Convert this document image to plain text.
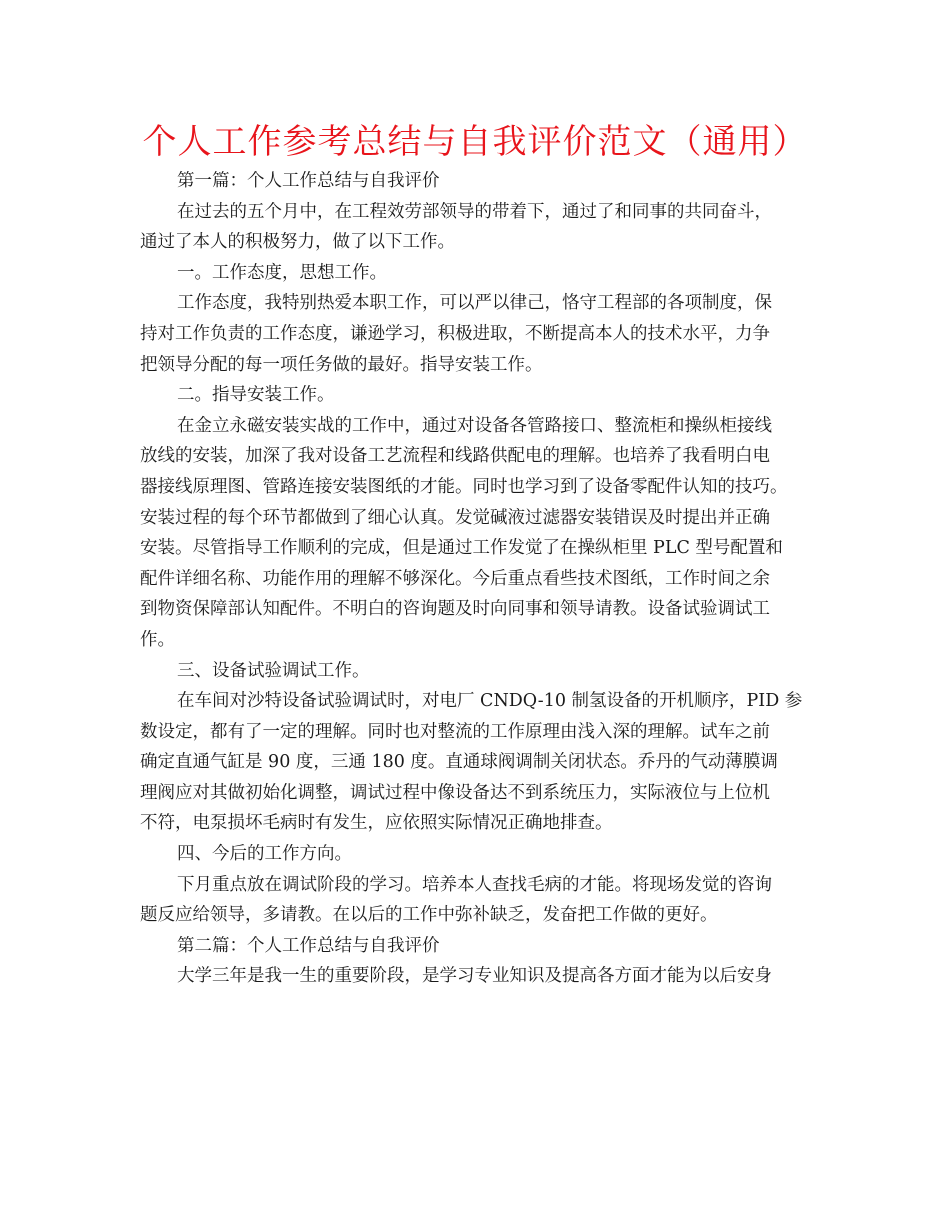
个人工作参考总结与自我评价范文（通用）
第一篇：个人工作总结与自我评价
在过去的五个月中，在工程效劳部领导的带着下，通过了和同事的共同奋斗，
通过了本人的积极努力，做了以下工作。
一。工作态度，思想工作。
工作态度，我特别热爱本职工作，可以严以律己，恪守工程部的各项制度，保
持对工作负责的工作态度，谦逊学习，积极进取，不断提高本人的技术水平，力争
把领导分配的每一项任务做的最好。指导安装工作。
二。指导安装工作。
在金立永磁安装实战的工作中，通过对设备各管路接口、整流柜和操纵柜接线
放线的安装，加深了我对设备工艺流程和线路供配电的理解。也培养了我看明白电
器接线原理图、管路连接安装图纸的才能。同时也学习到了设备零配件认知的技巧。
安装过程的每个环节都做到了细心认真。发觉碱液过滤器安装错误及时提出并正确
安装。尽管指导工作顺利的完成，但是通过工作发觉了在操纵柜里 PLC 型号配置和
配件详细名称、功能作用的理解不够深化。今后重点看些技术图纸，工作时间之余
到物资保障部认知配件。不明白的咨询题及时向同事和领导请教。设备试验调试工
作。
三、设备试验调试工作。
在车间对沙特设备试验调试时，对电厂 CNDQ-10 制氢设备的开机顺序，PID 参
数设定，都有了一定的理解。同时也对整流的工作原理由浅入深的理解。试车之前
确定直通气缸是 90 度，三通 180 度。直通球阀调制关闭状态。乔丹的气动薄膜调
理阀应对其做初始化调整，调试过程中像设备达不到系统压力，实际液位与上位机
不符，电泵损坏毛病时有发生，应依照实际情况正确地排查。
四、今后的工作方向。
下月重点放在调试阶段的学习。培养本人查找毛病的才能。将现场发觉的咨询
题反应给领导，多请教。在以后的工作中弥补缺乏，发奋把工作做的更好。
第二篇：个人工作总结与自我评价
大学三年是我一生的重要阶段，是学习专业知识及提高各方面才能为以后安身
